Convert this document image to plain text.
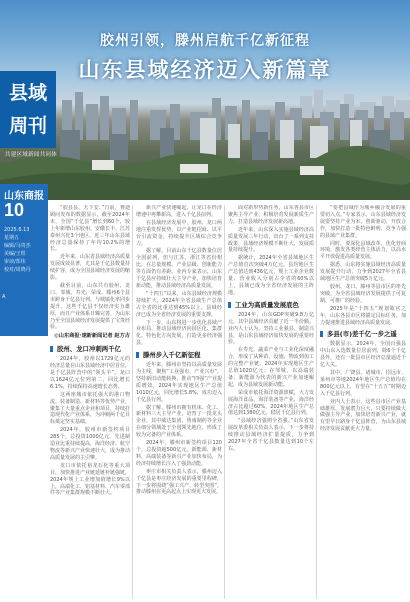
胶州引领，滕州启航千亿新征程
山东县域经济迈入新篇章
县域周刊
共建区域新闻共同体
山东商报
10
2025.6.13
星期五
编辑/马贵杰
美编/王煜
审读/郑伟
校对/周晓丹
A

“胶县县，天下安。”日前，赛迪顾问发布的数据显示，截至2024年末，全国“千亿县”增长到60个，较上年新增山东胶州、安徽长丰、江苏泰州兴化3个地区。近三年山东县域经济总量保持了年均10.2%的增长。

近年来，山东省县域经济高质量发展成效显著，尤其是千亿县数量持续扩容，成为全国县域经济发展的缩影。

截至目前，山东共有胶州、龙口、邹城、寿光、荣成、滕州6个县市跨身千亿县行列，与城镇化率同步提升，这些千亿县不仅经济实力雄厚，而且产业体系日臻完善，为山东乃至全国县域经济发展提供了宝贵经验。

◎山东商报·速新新闻记者 赵方古

胶州、龙口冲刺两千亿

2024年，胶州以1729亿元的经济总量在山东县域经济中居首位，是千亿县阵营中的“领头羊”。龙口以1624亿元位列第二，同比增长6.1%，持续保持高速增长态势。

这两座城市依托强大的港口物流、装备制造、新材料等优势产业，聚集了大量重点企业和项目，持续打造现代化产业体系，为冲刺两千亿目标奠定坚实基础。

2024年，胶州市新签约项目285个，总投资1000亿元，先进制造业比重持续提高，海洋经济、航空物流等新兴产业快速壮大，成为推动高质量发展的主引擎。

龙口市依托裕龙石化等重大项目，加快推进产业链延链补链强链，2024年规上工业增加值增长9%以上，高端化工、铝基材料、汽车零部件等产业集群规模不断壮大。

新兴产业快速崛起，让龙口在经济增速中再攀新高，进入千亿县前列。

在县域经济发展中，胶州、龙口两地注重发挥优势，以产业链招商、以平台引流资金，持续提升区域综合竞争力。

据了解，目前山东千亿县数量位居全国前列，但与江苏、浙江等省份相比，在总量规模、产业层级、创新能力等方面仍有差距。业内专家表示，山东千亿县应持续壮大主导产业，加快培育新动能，推动县域经济高质量发展。

“十四五”以来，山东县域经济规模持续扩大，2024年全省县域生产总值占全省的比重达到45%以上，县域经济已成为全省经济发展的重要支撑。

下一步，山东将进一步优化县域产业布局，推动县域经济向园区化、集群化、特色化方向发展，打造更多经济强县。

滕州步入千亿新征程

近年来，滕州市坚持以高质量发展为主线，聚焦“工业强市、产业兴市”，坚持新旧动能转换，推动“四强”产业提质增效，2024年实现地区生产总值1010亿元，同比增长5.8%，成功迈入千亿县行列。

据了解，滕州市拥有机床、化工、新材料三大主导产业，培育了一批龙头企业，其中威达集团、鲁南制药等企业在细分领域处于全国领先地位，形成了较为完备的产业体系。

2024年，滕州市新签约项目120个，总投资超500亿元，新能源、新材料、高端装备等新兴产业加快布局，为经济持续增长注入了强劲动能。

枣庄市相关负责人表示，滕州迈入千亿县是枣庄经济发展的重要里程碑，下一步将围绕“强工兴产、转型突围”，推动滕州在更高起点上实现更大发展。

面对新形势新任务，山东各县市区聚焦主导产业，积极培育发展新质生产力，打造县域经济发展新高地。

近年来，山东深入实施县域经济高质量发展三年行动，出台了一系列支持政策，县域经济规模不断壮大，发展质量持续提升。

据统计，2024年全省县域地区生产总值首次突破4万亿元，县均地区生产总值达到436亿元，规上工业企业数量、营业收入分别占全省的60%以上，县域已成为全省经济发展的主阵地。

工业为高质量发展底色

2024年，山东GDP突破9.8万亿元，其中县域经济贡献了近一半份额。业内人士认为，坚持工业强县、制造兴县，是山东县域经济加快发展的重要经验。

在寿光，蔬菜产业与工业化深度融合，形成了从种苗、设施、物流到加工的完整产业链，2024年实现地区生产总值1020亿元；在邹城，以高端装备、新能源为代表的新兴产业加速崛起，成为县域发展新动能。

荣成市依托海洋资源禀赋，大力发展海洋食品、海洋装备等产业，海洋经济占比超过60%，2024年地区生产总值达到1380亿元，稳居千亿县行列。

“县域经济强则全省强。”山东省发展改革委相关负责人表示，下一步将持续推动县域经济扩量提质，力争到2027年全省千亿县数量达到10个左右。

“要把县域作为城乡融合发展的重要切入点。”专家表示，山东县域经济发展要坚持产业为本、创新驱动、开放合作，加快打造一批特色鲜明、竞争力强的县域产业集群。

同时，要深化县域改革，优化营商环境，激发各类经营主体活力，以高水平开放促进高质量发展。

据悉，山东将实施县域经济高质量发展提升行动，力争到2027年全省县域地区生产总值突破5万亿元。

胶州、龙口、滕州等县市区的率先突破，为全省县域经济发展提供了可复制、可推广的经验。

2025年是“十四五”规划收官之年，山东各县市区将锚定目标任务，加力提速推进县域经济高质量发展。

多县(市)差千亿一步之遥

数据显示，2024年，全国百强县中山东入选数量位居前列，除6个千亿县外，还有一批县市区经济总量逼近千亿大关。

其中，广饶县、诸城市、招远市、莱州市等地2024年地区生产总值均在800亿元以上，有望在“十五五”时期迈入千亿县行列。

业内人士表示，这些县市区产业基础雄厚，发展潜力巨大，只要持续做大做强主导产业，加快培育新兴产业，就有望早日跻身千亿县阵营，为山东县域经济发展贡献更大力量。
